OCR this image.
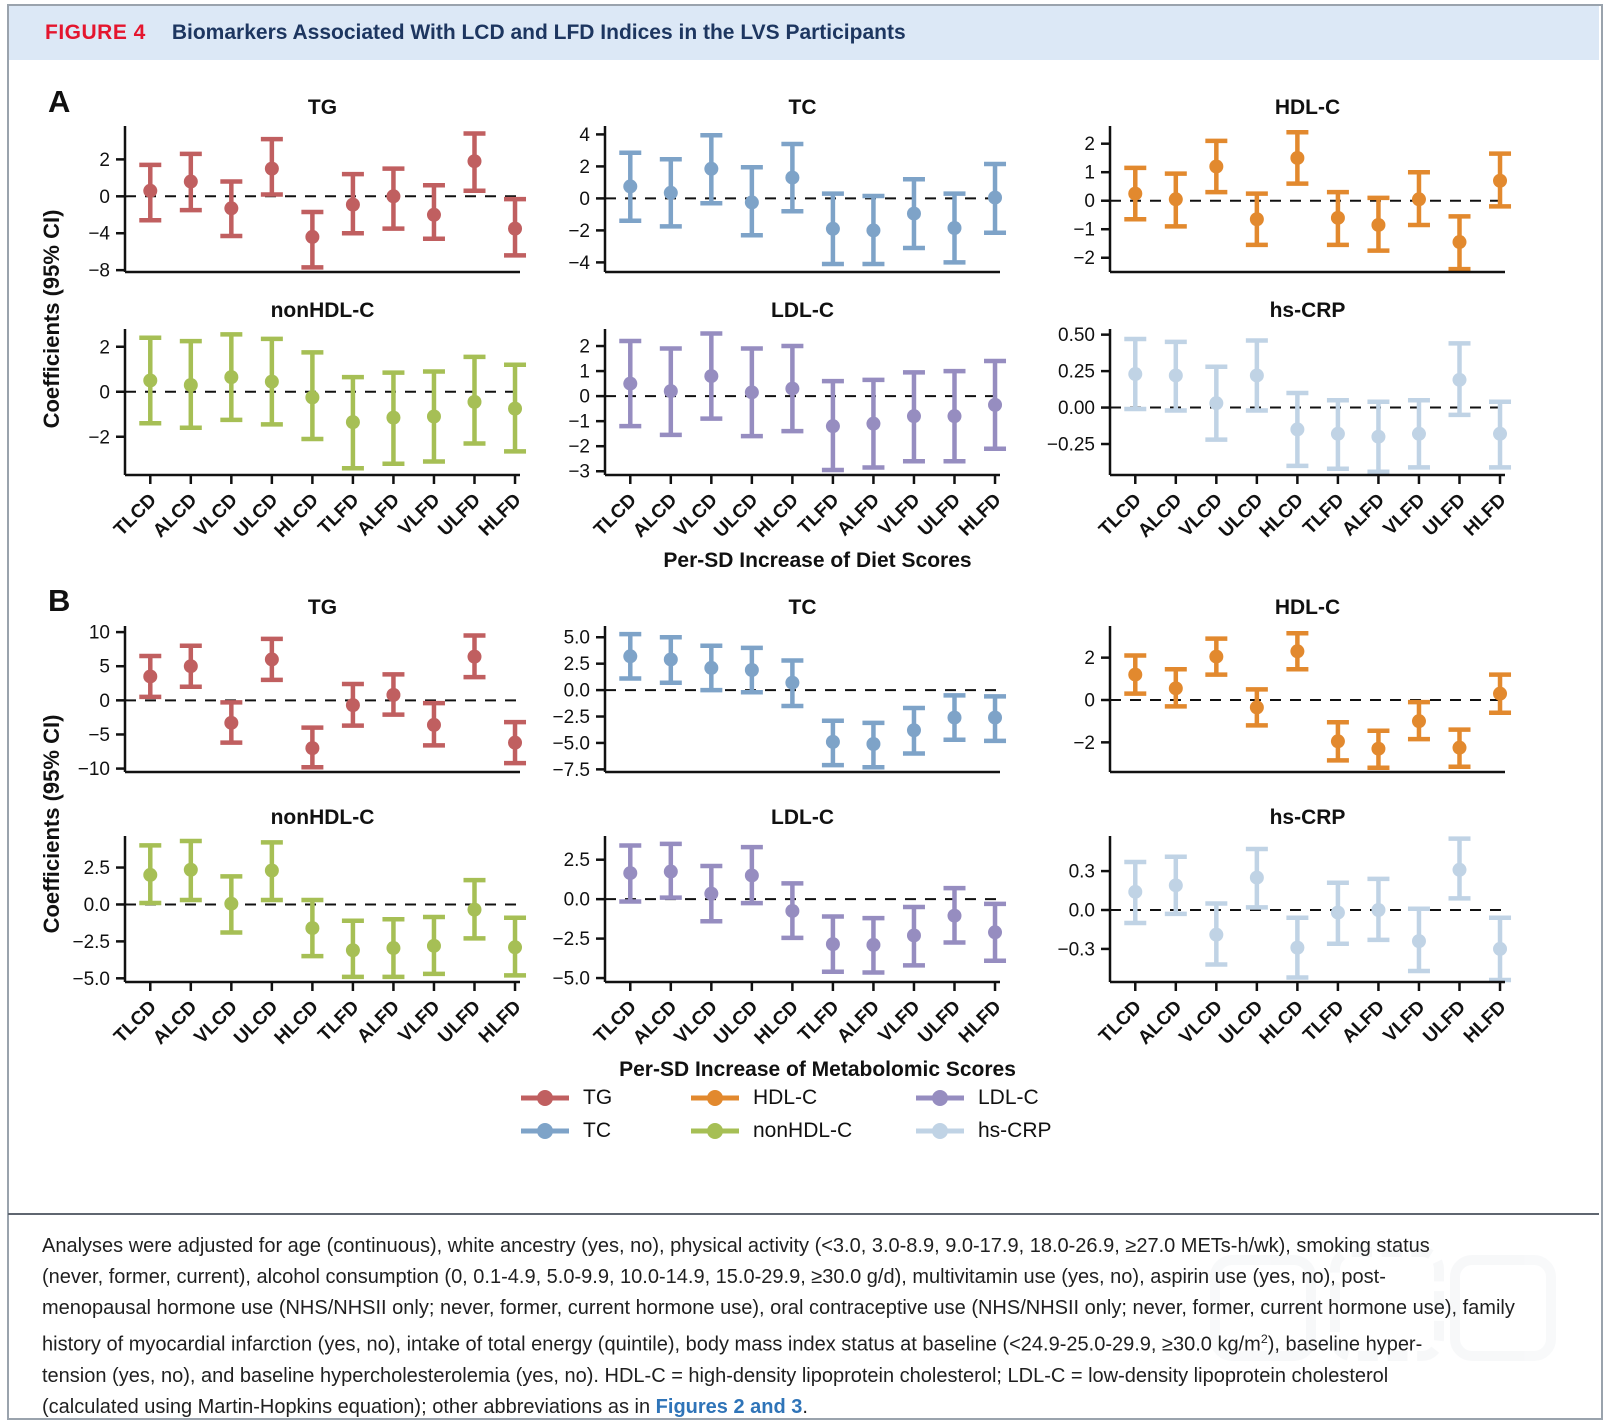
FIGURE 4 Biomarkers Associated With LCD and LFD Indices in the LVS Participants
A
B
Coefficients (95% CI)
Coefficients (95% CI)
TG
2
0
−4
−8
TC
4
2
0
−2
−4
HDL-C
2
1
0
−1
−2
nonHDL-C
2
0
−2
TLCD
ALCD
VLCD
ULCD
HLCD
TLFD
ALFD
VLFD
ULFD
HLFD
LDL-C
2
1
0
−1
−2
−3
TLCD
ALCD
VLCD
ULCD
HLCD
TLFD
ALFD
VLFD
ULFD
HLFD
hs-CRP
0.50
0.25
0.00
−0.25
TLCD
ALCD
VLCD
ULCD
HLCD
TLFD
ALFD
VLFD
ULFD
HLFD
TG
10
5
0
−5
−10
TC
5.0
2.5
0.0
−2.5
−5.0
−7.5
HDL-C
2
0
−2
nonHDL-C
2.5
0.0
−2.5
−5.0
TLCD
ALCD
VLCD
ULCD
HLCD
TLFD
ALFD
VLFD
ULFD
HLFD
LDL-C
2.5
0.0
−2.5
−5.0
TLCD
ALCD
VLCD
ULCD
HLCD
TLFD
ALFD
VLFD
ULFD
HLFD
hs-CRP
0.3
0.0
−0.3
TLCD
ALCD
VLCD
ULCD
HLCD
TLFD
ALFD
VLFD
ULFD
HLFD
Per-SD Increase of Diet Scores
Per-SD Increase of Metabolomic Scores
TG	HDL-C	LDL-C
TC	nonHDL-C	hs-CRP
Analyses were adjusted for age (continuous), white ancestry (yes, no), physical activity (<3.0, 3.0-8.9, 9.0-17.9, 18.0-26.9, ≥27.0 METs-h/wk), smoking status
(never, former, current), alcohol consumption (0, 0.1-4.9, 5.0-9.9, 10.0-14.9, 15.0-29.9, ≥30.0 g/d), multivitamin use (yes, no), aspirin use (yes, no), post-
menopausal hormone use (NHS/NHSII only; never, former, current hormone use), oral contraceptive use (NHS/NHSII only; never, former, current hormone use), family
history of myocardial infarction (yes, no), intake of total energy (quintile), body mass index status at baseline (<24.9-25.0-29.9, ≥30.0 $kg/m^2$), baseline hyper-
tension (yes, no), and baseline hypercholesterolemia (yes, no). HDL-C = high-density lipoprotein cholesterol; LDL-C = low-density lipoprotein cholesterol
(calculated using Martin-Hopkins equation); other abbreviations as in Figures 2 and 3.
